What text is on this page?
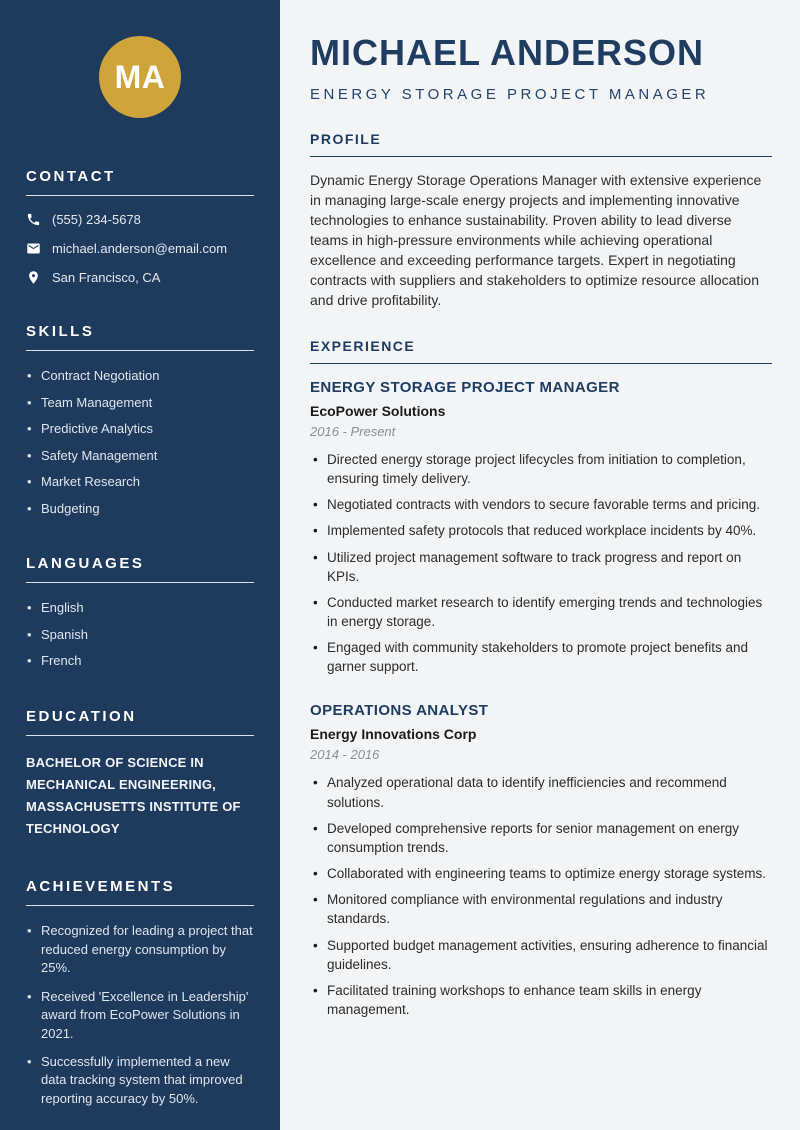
MA
CONTACT
(555) 234-5678
michael.anderson@email.com
San Francisco, CA
SKILLS
• Contract Negotiation
• Team Management
• Predictive Analytics
• Safety Management
• Market Research
• Budgeting
LANGUAGES
• English
• Spanish
• French
EDUCATION
BACHELOR OF SCIENCE IN MECHANICAL ENGINEERING, MASSACHUSETTS INSTITUTE OF TECHNOLOGY
ACHIEVEMENTS
• Recognized for leading a project that reduced energy consumption by 25%.
• Received 'Excellence in Leadership' award from EcoPower Solutions in 2021.
• Successfully implemented a new data tracking system that improved reporting accuracy by 50%.
MICHAEL ANDERSON
ENERGY STORAGE PROJECT MANAGER
PROFILE

Dynamic Energy Storage Operations Manager with extensive experience in managing large-scale energy projects and implementing innovative technologies to enhance sustainability. Proven ability to lead diverse teams in high-pressure environments while achieving operational excellence and exceeding performance targets. Expert in negotiating contracts with suppliers and stakeholders to optimize resource allocation and drive profitability.

EXPERIENCE
ENERGY STORAGE PROJECT MANAGER
EcoPower Solutions
2016 - Present
• Directed energy storage project lifecycles from initiation to completion, ensuring timely delivery.
• Negotiated contracts with vendors to secure favorable terms and pricing.
• Implemented safety protocols that reduced workplace incidents by 40%.
• Utilized project management software to track progress and report on KPIs.
• Conducted market research to identify emerging trends and technologies in energy storage.
• Engaged with community stakeholders to promote project benefits and garner support.
OPERATIONS ANALYST
Energy Innovations Corp
2014 - 2016
• Analyzed operational data to identify inefficiencies and recommend solutions.
• Developed comprehensive reports for senior management on energy consumption trends.
• Collaborated with engineering teams to optimize energy storage systems.
• Monitored compliance with environmental regulations and industry standards.
• Supported budget management activities, ensuring adherence to financial guidelines.
• Facilitated training workshops to enhance team skills in energy management.
